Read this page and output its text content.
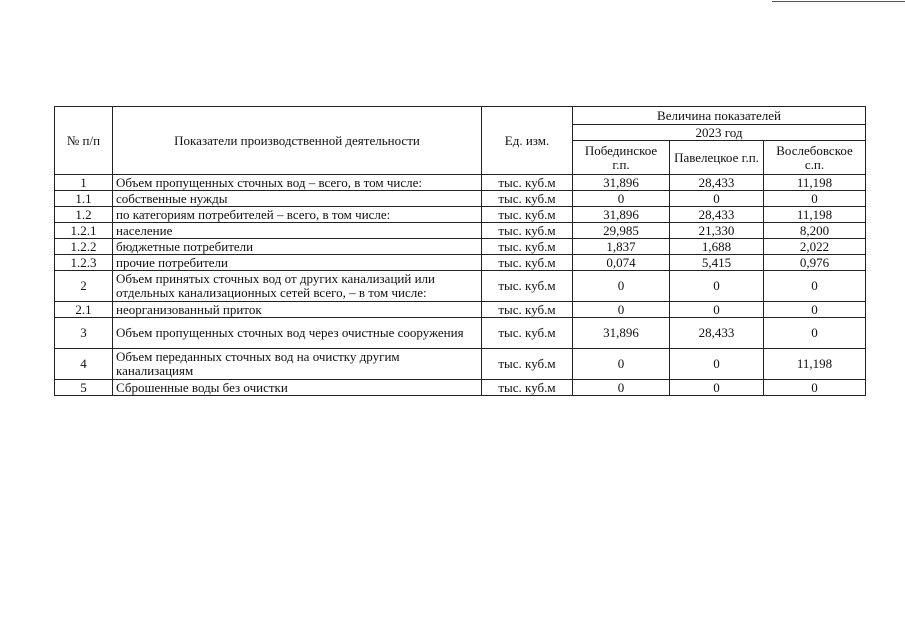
№ п/п	Показатели производственной деятельности	Ед. изм.	Величина показателей		
			2023 год		
			Побединское г.п.	Павелецкое г.п.	Вослебовское с.п.
1	Объем пропущенных сточных вод – всего, в том числе:	тыс. куб.м	31,896	28,433	11,198
1.1	собственные нужды	тыс. куб.м	0	0	0
1.2	по категориям потребителей – всего, в том числе:	тыс. куб.м	31,896	28,433	11,198
1.2.1	население	тыс. куб.м	29,985	21,330	8,200
1.2.2	бюджетные потребители	тыс. куб.м	1,837	1,688	2,022
1.2.3	прочие потребители	тыс. куб.м	0,074	5,415	0,976
2	Объем принятых сточных вод от других канализаций или отдельных канализационных сетей всего, – в том числе:	тыс. куб.м	0	0	0
2.1	неорганизованный приток	тыс. куб.м	0	0	0
3	Объем пропущенных сточных вод через очистные сооружения	тыс. куб.м	31,896	28,433	0
4	Объем переданных сточных вод на очистку другим канализациям	тыс. куб.м	0	0	11,198
5	Сброшенные воды без очистки	тыс. куб.м	0	0	0
